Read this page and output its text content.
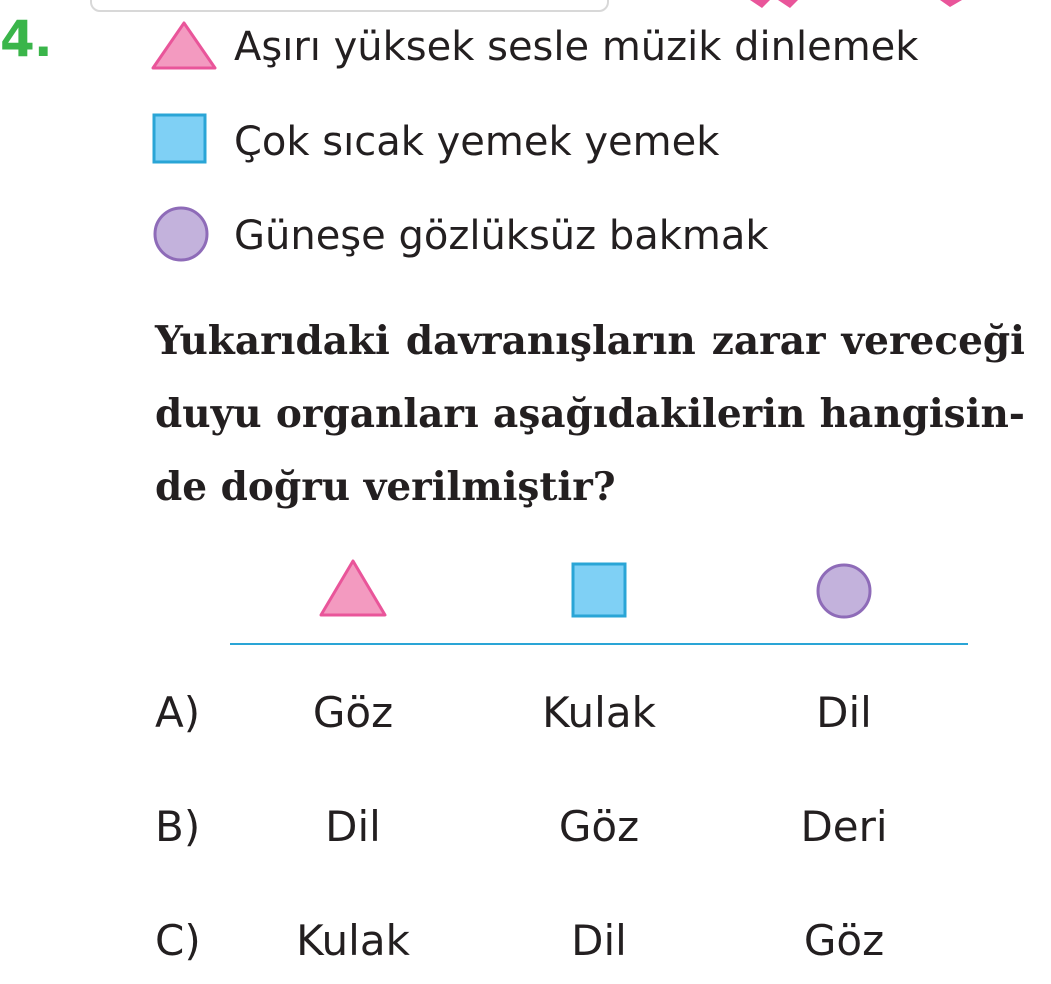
4.	Aşırı yüksek sesle müzik dinlemek
Çok sıcak yemek yemek
Güneşe gözlüksüz bakmak
Yukarıdaki davranışların zarar vereceği
duyu organları aşağıdakilerin hangisin-
de doğru verilmiştir?
A)	Göz	Kulak	Dil
B)	Dil	Göz	Deri
C)	Kulak	Dil	Göz
